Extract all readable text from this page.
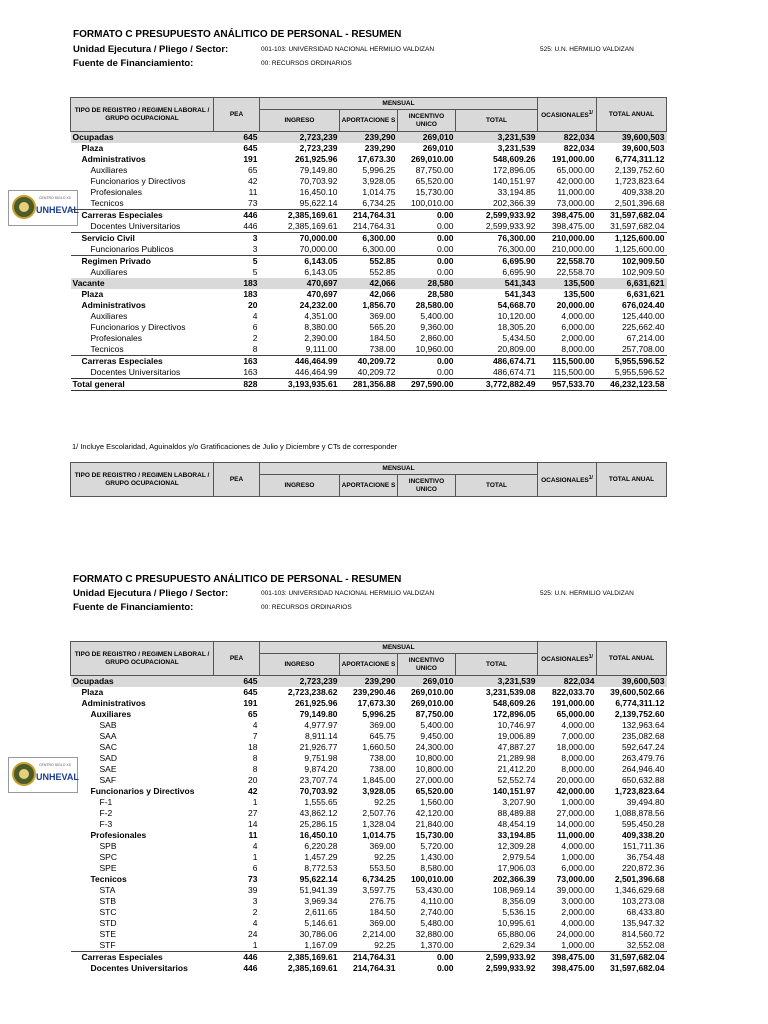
FORMATO C PRESUPUESTO ANÁLITICO DE PERSONAL - RESUMEN
Unidad Ejecutura / Pliego / Sector:	001-103: UNIVERSIDAD NACIONAL HERMILIO VALDIZAN	525: U.N. HERMILIO VALDIZAN
Fuente de Financiamiento:	00: RECURSOS ORDINARIOS
CENTRO SIGLO XX
UNHEVAL
TIPO DE REGISTRO / REGIMEN LABORAL / GRUPO OCUPACIONAL	PEA	MENSUAL				$OCASIONALES^{1/}$	TOTAL ANUAL
		INGRESO	APORTACIONE S	INCENTIVO UNICO	TOTAL		
Ocupadas	645	2,723,239	239,290	269,010	3,231,539	822,034	39,600,503
Plaza	645	2,723,239	239,290	269,010	3,231,539	822,034	39,600,503
Administrativos	191	261,925.96	17,673.30	269,010.00	548,609.26	191,000.00	6,774,311.12
Auxiliares	65	79,149.80	5,996.25	87,750.00	172,896.05	65,000.00	2,139,752.60
Funcionarios y Directivos	42	70,703.92	3,928.05	65,520.00	140,151.97	42,000.00	1,723,823.64
Profesionales	11	16,450.10	1,014.75	15,730.00	33,194.85	11,000.00	409,338.20
Tecnicos	73	95,622.14	6,734.25	100,010.00	202,366.39	73,000.00	2,501,396.68
Carreras Especiales	446	2,385,169.61	214,764.31	0.00	2,599,933.92	398,475.00	31,597,682.04
Docentes Universitarios	446	2,385,169.61	214,764.31	0.00	2,599,933.92	398,475.00	31,597,682.04
Servicio Civil	3	70,000.00	6,300.00	0.00	76,300.00	210,000.00	1,125,600.00
Funcionarios Publicos	3	70,000.00	6,300.00	0.00	76,300.00	210,000.00	1,125,600.00
Regimen Privado	5	6,143.05	552.85	0.00	6,695.90	22,558.70	102,909.50
Auxiliares	5	6,143.05	552.85	0.00	6,695.90	22,558.70	102,909.50
Vacante	183	470,697	42,066	28,580	541,343	135,500	6,631,621
Plaza	183	470,697	42,066	28,580	541,343	135,500	6,631,621
Administrativos	20	24,232.00	1,856.70	28,580.00	54,668.70	20,000.00	676,024.40
Auxiliares	4	4,351.00	369.00	5,400.00	10,120.00	4,000.00	125,440.00
Funcionarios y Directivos	6	8,380.00	565.20	9,360.00	18,305.20	6,000.00	225,662.40
Profesionales	2	2,390.00	184.50	2,860.00	5,434.50	2,000.00	67,214.00
Tecnicos	8	9,111.00	738.00	10,960.00	20,809.00	8,000.00	257,708.00
Carreras Especiales	163	446,464.99	40,209.72	0.00	486,674.71	115,500.00	5,955,596.52
Docentes Universitarios	163	446,464.99	40,209.72	0.00	486,674.71	115,500.00	5,955,596.52
Total general	828	3,193,935.61	281,356.88	297,590.00	3,772,882.49	957,533.70	46,232,123.58
1/ Incluye Escolaridad, Aguinaldos y/o Gratificaciones de Julio y Diciembre y CTs de corresponder
TIPO DE REGISTRO / REGIMEN LABORAL / GRUPO OCUPACIONAL	PEA	MENSUAL				$OCASIONALES^{1/}$	TOTAL ANUAL
		INGRESO	APORTACIONE S	INCENTIVO UNICO	TOTAL		
FORMATO C PRESUPUESTO ANÁLITICO DE PERSONAL - RESUMEN
Unidad Ejecutura / Pliego / Sector:	001-103: UNIVERSIDAD NACIONAL HERMILIO VALDIZAN	525: U.N. HERMILIO VALDIZAN
Fuente de Financiamiento:	00: RECURSOS ORDINARIOS
CENTRO SIGLO XX
UNHEVAL
TIPO DE REGISTRO / REGIMEN LABORAL / GRUPO OCUPACIONAL	PEA	MENSUAL				$OCASIONALES^{1/}$	TOTAL ANUAL
		INGRESO	APORTACIONE S	INCENTIVO UNICO	TOTAL		
Ocupadas	645	2,723,239	239,290	269,010	3,231,539	822,034	39,600,503
Plaza	645	2,723,238.62	239,290.46	269,010.00	3,231,539.08	822,033.70	39,600,502.66
Administrativos	191	261,925.96	17,673.30	269,010.00	548,609.26	191,000.00	6,774,311.12
Auxiliares	65	79,149.80	5,996.25	87,750.00	172,896.05	65,000.00	2,139,752.60
SAB	4	4,977.97	369.00	5,400.00	10,746.97	4,000.00	132,963.64
SAA	7	8,911.14	645.75	9,450.00	19,006.89	7,000.00	235,082.68
SAC	18	21,926.77	1,660.50	24,300.00	47,887.27	18,000.00	592,647.24
SAD	8	9,751.98	738.00	10,800.00	21,289.98	8,000.00	263,479.76
SAE	8	9,874.20	738.00	10,800.00	21,412.20	8,000.00	264,946.40
SAF	20	23,707.74	1,845.00	27,000.00	52,552.74	20,000.00	650,632.88
Funcionarios y Directivos	42	70,703.92	3,928.05	65,520.00	140,151.97	42,000.00	1,723,823.64
F-1	1	1,555.65	92.25	1,560.00	3,207.90	1,000.00	39,494.80
F-2	27	43,862.12	2,507.76	42,120.00	88,489.88	27,000.00	1,088,878.56
F-3	14	25,286.15	1,328.04	21,840.00	48,454.19	14,000.00	595,450.28
Profesionales	11	16,450.10	1,014.75	15,730.00	33,194.85	11,000.00	409,338.20
SPB	4	6,220.28	369.00	5,720.00	12,309.28	4,000.00	151,711.36
SPC	1	1,457.29	92.25	1,430.00	2,979.54	1,000.00	36,754.48
SPE	6	8,772.53	553.50	8,580.00	17,906.03	6,000.00	220,872.36
Tecnicos	73	95,622.14	6,734.25	100,010.00	202,366.39	73,000.00	2,501,396.68
STA	39	51,941.39	3,597.75	53,430.00	108,969.14	39,000.00	1,346,629.68
STB	3	3,969.34	276.75	4,110.00	8,356.09	3,000.00	103,273.08
STC	2	2,611.65	184.50	2,740.00	5,536.15	2,000.00	68,433.80
STD	4	5,146.61	369.00	5,480.00	10,995.61	4,000.00	135,947.32
STE	24	30,786.06	2,214.00	32,880.00	65,880.06	24,000.00	814,560.72
STF	1	1,167.09	92.25	1,370.00	2,629.34	1,000.00	32,552.08
Carreras Especiales	446	2,385,169.61	214,764.31	0.00	2,599,933.92	398,475.00	31,597,682.04
Docentes Universitarios	446	2,385,169.61	214,764.31	0.00	2,599,933.92	398,475.00	31,597,682.04
